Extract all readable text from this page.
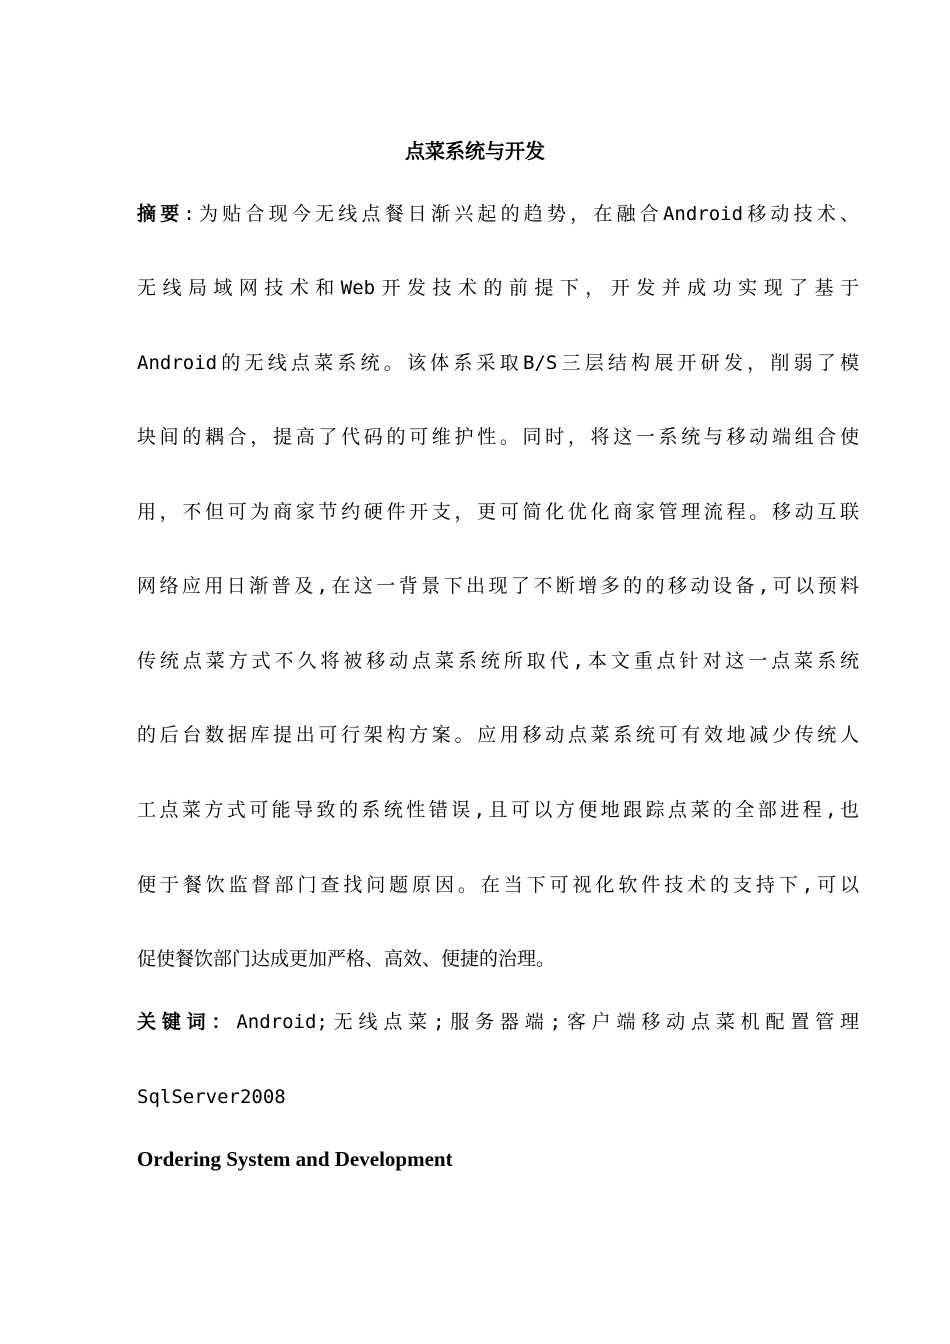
点菜系统与开发

摘要:为贴合现今无线点餐日渐兴起的趋势，在融合Android移动技术、

无线局域网技术和Web开发技术的前提下，开发并成功实现了基于

Android的无线点菜系统。该体系采取B/S三层结构展开研发，削弱了模

块间的耦合，提高了代码的可维护性。同时，将这一系统与移动端组合使

用，不但可为商家节约硬件开支，更可简化优化商家管理流程。移动互联

网络应用日渐普及,在这一背景下出现了不断增多的的移动设备,可以预料

传统点菜方式不久将被移动点菜系统所取代,本文重点针对这一点菜系统

的后台数据库提出可行架构方案。应用移动点菜系统可有效地减少传统人

工点菜方式可能导致的系统性错误,且可以方便地跟踪点菜的全部进程,也

便于餐饮监督部门查找问题原因。在当下可视化软件技术的支持下,可以

促使餐饮部门达成更加严格、高效、便捷的治理。

关键词：Android;无线点菜;服务器端;客户端移动点菜机配置管理

SqlServer2008

Ordering System and Development
